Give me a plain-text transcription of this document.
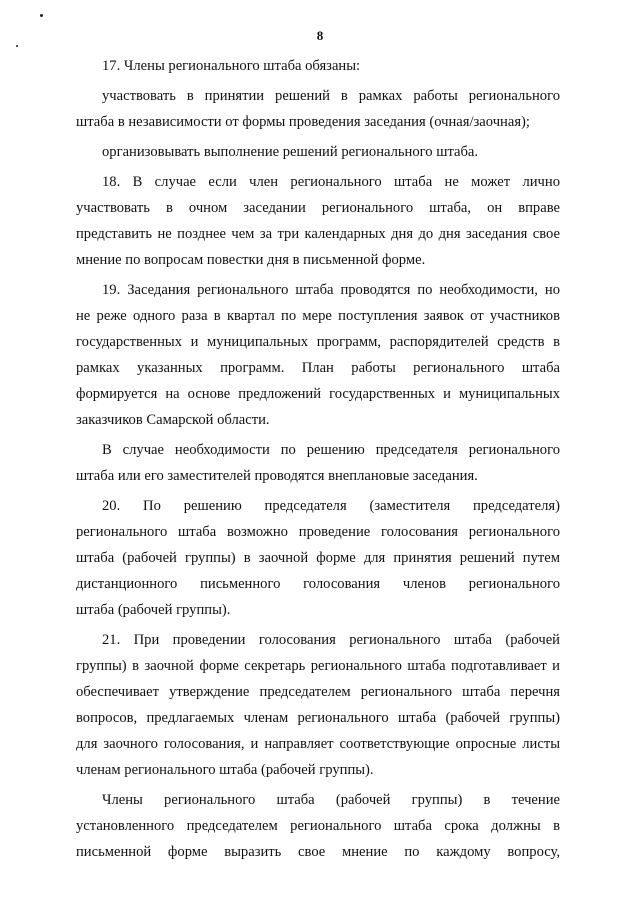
8
17. Члены регионального штаба обязаны:
участвовать в принятии решений в рамках работы регионального
штаба в независимости от формы проведения заседания (очная/заочная);
организовывать выполнение решений регионального штаба.
18. В случае если член регионального штаба не может лично
участвовать в очном заседании регионального штаба, он вправе
представить не позднее чем за три календарных дня до дня заседания свое
мнение по вопросам повестки дня в письменной форме.
19. Заседания регионального штаба проводятся по необходимости, но
не реже одного раза в квартал по мере поступления заявок от участников
государственных и муниципальных программ, распорядителей средств в
рамках указанных программ. План работы регионального штаба
формируется на основе предложений государственных и муниципальных
заказчиков Самарской области.
В случае необходимости по решению председателя регионального
штаба или его заместителей проводятся внеплановые заседания.
20. По решению председателя (заместителя председателя)
регионального штаба возможно проведение голосования регионального
штаба (рабочей группы) в заочной форме для принятия решений путем
дистанционного письменного голосования членов регионального
штаба (рабочей группы).
21. При проведении голосования регионального штаба (рабочей
группы) в заочной форме секретарь регионального штаба подготавливает и
обеспечивает утверждение председателем регионального штаба перечня
вопросов, предлагаемых членам регионального штаба (рабочей группы)
для заочного голосования, и направляет соответствующие опросные листы
членам регионального штаба (рабочей группы).
Члены регионального штаба (рабочей группы) в течение
установленного председателем регионального штаба срока должны в
письменной форме выразить свое мнение по каждому вопросу,
